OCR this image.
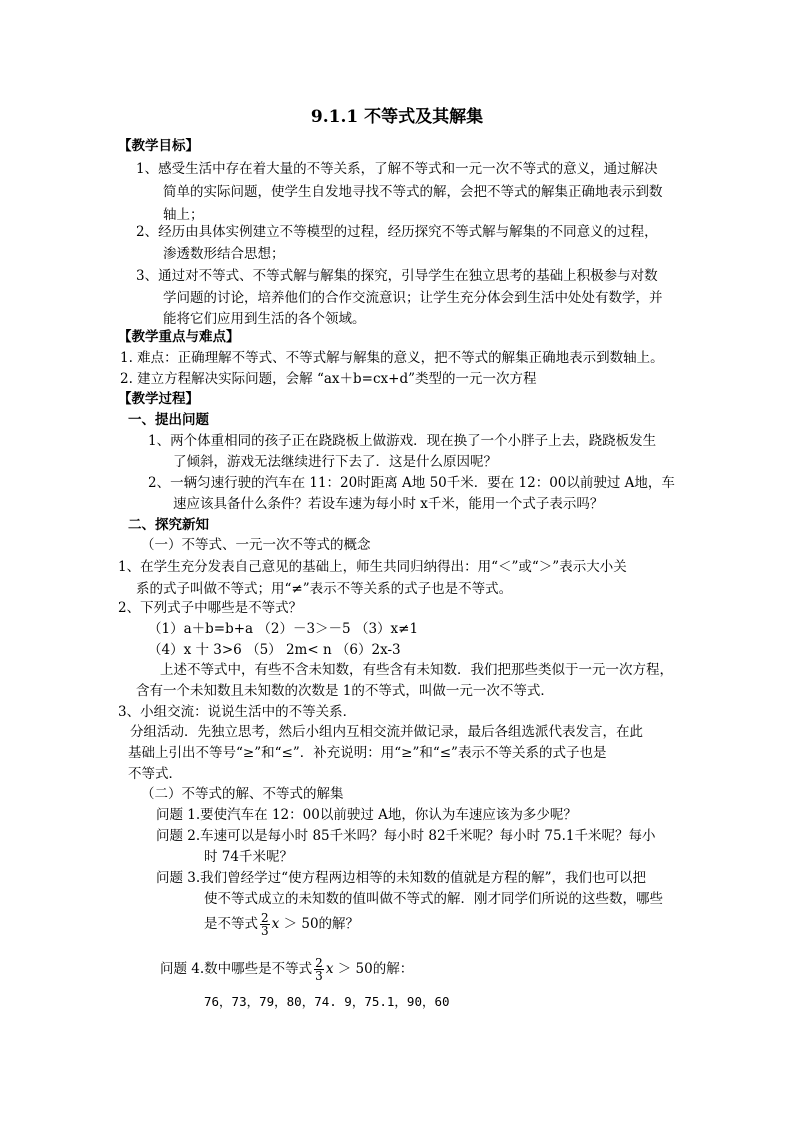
9.1.1 不等式及其解集
【教学目标】
1、感受生活中存在着大量的不等关系，了解不等式和一元一次不等式的意义，通过解决
简单的实际问题，使学生自发地寻找不等式的解，会把不等式的解集正确地表示到数
轴上；
2、经历由具体实例建立不等模型的过程，经历探究不等式解与解集的不同意义的过程，
渗透数形结合思想；
3、通过对不等式、不等式解与解集的探究，引导学生在独立思考的基础上积极参与对数
学问题的讨论，培养他们的合作交流意识；让学生充分体会到生活中处处有数学，并
能将它们应用到生活的各个领域。
【教学重点与难点】
1. 难点：正确理解不等式、不等式解与解集的意义，把不等式的解集正确地表示到数轴上。
2. 建立方程解决实际问题，会解 “ax＋b=cx+d”类型的一元一次方程
【教学过程】
一、提出问题
1、两个体重相同的孩子正在跷跷板上做游戏．现在换了一个小胖子上去，跷跷板发生
了倾斜，游戏无法继续进行下去了．这是什么原因呢？
2、一辆匀速行驶的汽车在 11：20时距离 A地 50千米．要在 12：00以前驶过 A地，车
速应该具备什么条件？若设车速为每小时 x千米，能用一个式子表示吗？
二、探究新知
（一）不等式、一元一次不等式的概念
1、在学生充分发表自己意见的基础上，师生共同归纳得出：用“＜”或“＞”表示大小关
系的式子叫做不等式；用“≠”表示不等关系的式子也是不等式。
2、下列式子中哪些是不等式？
（1）a＋b=b+a （2）－3＞－5 （3）x≠1
（4）x 十 3>6 （5） 2m< n （6）2x-3
上述不等式中，有些不含未知数，有些含有未知数．我们把那些类似于一元一次方程，
含有一个未知数且未知数的次数是 1的不等式，叫做一元一次不等式．
3、小组交流：说说生活中的不等关系．
分组活动．先独立思考，然后小组内互相交流并做记录，最后各组选派代表发言，在此
基础上引出不等号“≥”和“≤”．补充说明：用“≥”和“≤”表示不等关系的式子也是
不等式．
（二）不等式的解、不等式的解集
问题 1.要使汽车在 12：00以前驶过 A地，你认为车速应该为多少呢？
问题 2.车速可以是每小时 85千米吗？每小时 82千米呢？每小时 75.1千米呢？每小
时 74千米呢？
问题 3.我们曾经学过“使方程两边相等的未知数的值就是方程的解”，我们也可以把
使不等式成立的未知数的值叫做不等式的解．刚才同学们所说的这些数，哪些
是不等式 $\frac{2}{3}$ x ＞ 50的解？
问题 4.数中哪些是不等式 $\frac{2}{3}$ x ＞ 50的解：
76，73，79，80，74. 9，75.1，90，60
